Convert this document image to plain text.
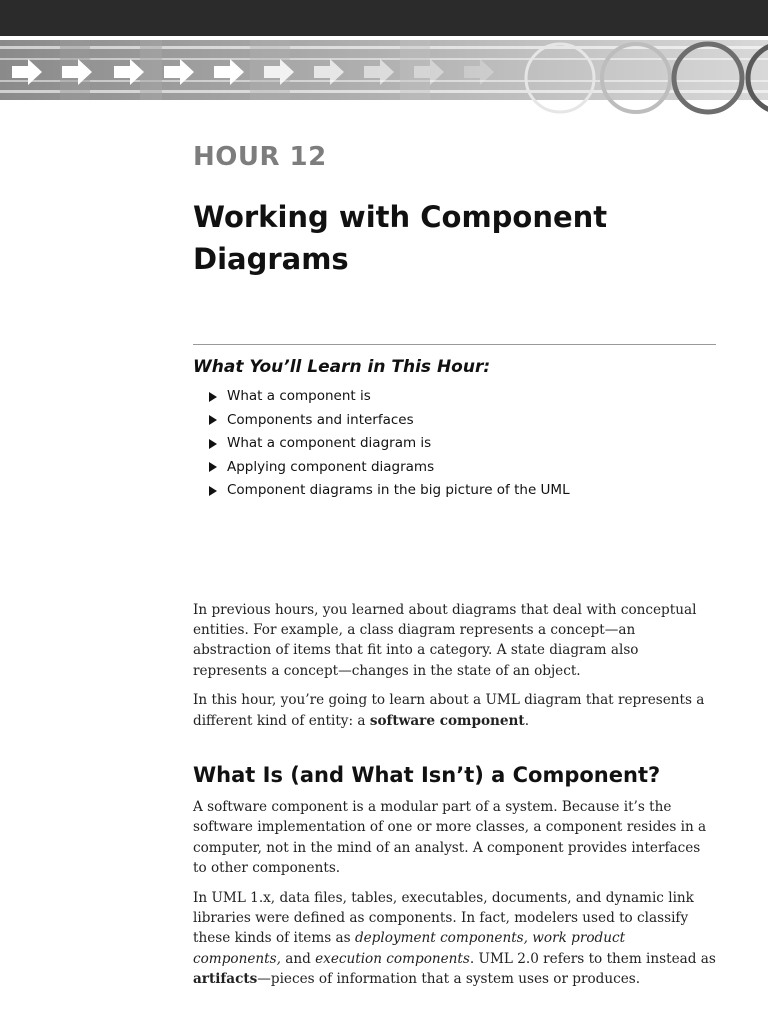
HOUR 12
Working with Component
Diagrams
What You’ll Learn in This Hour:
What a component is
Components and interfaces
What a component diagram is
Applying component diagrams
Component diagrams in the big picture of the UML

In previous hours, you learned about diagrams that deal with conceptual entities. For example, a class diagram represents a concept—an abstraction of items that fit into a category. A state diagram also represents a concept—changes in the state of an object.

In this hour, you’re going to learn about a UML diagram that represents a different kind of entity: a software component.

What Is (and What Isn’t) a Component?

A software component is a modular part of a system. Because it’s the software implementation of one or more classes, a component resides in a computer, not in the mind of an analyst. A component provides interfaces to other components.

In UML 1.x, data files, tables, executables, documents, and dynamic link libraries were defined as components. In fact, modelers used to classify these kinds of items as deployment components, work product components, and execution components. UML 2.0 refers to them instead as artifacts—pieces of information that a system uses or produces.
